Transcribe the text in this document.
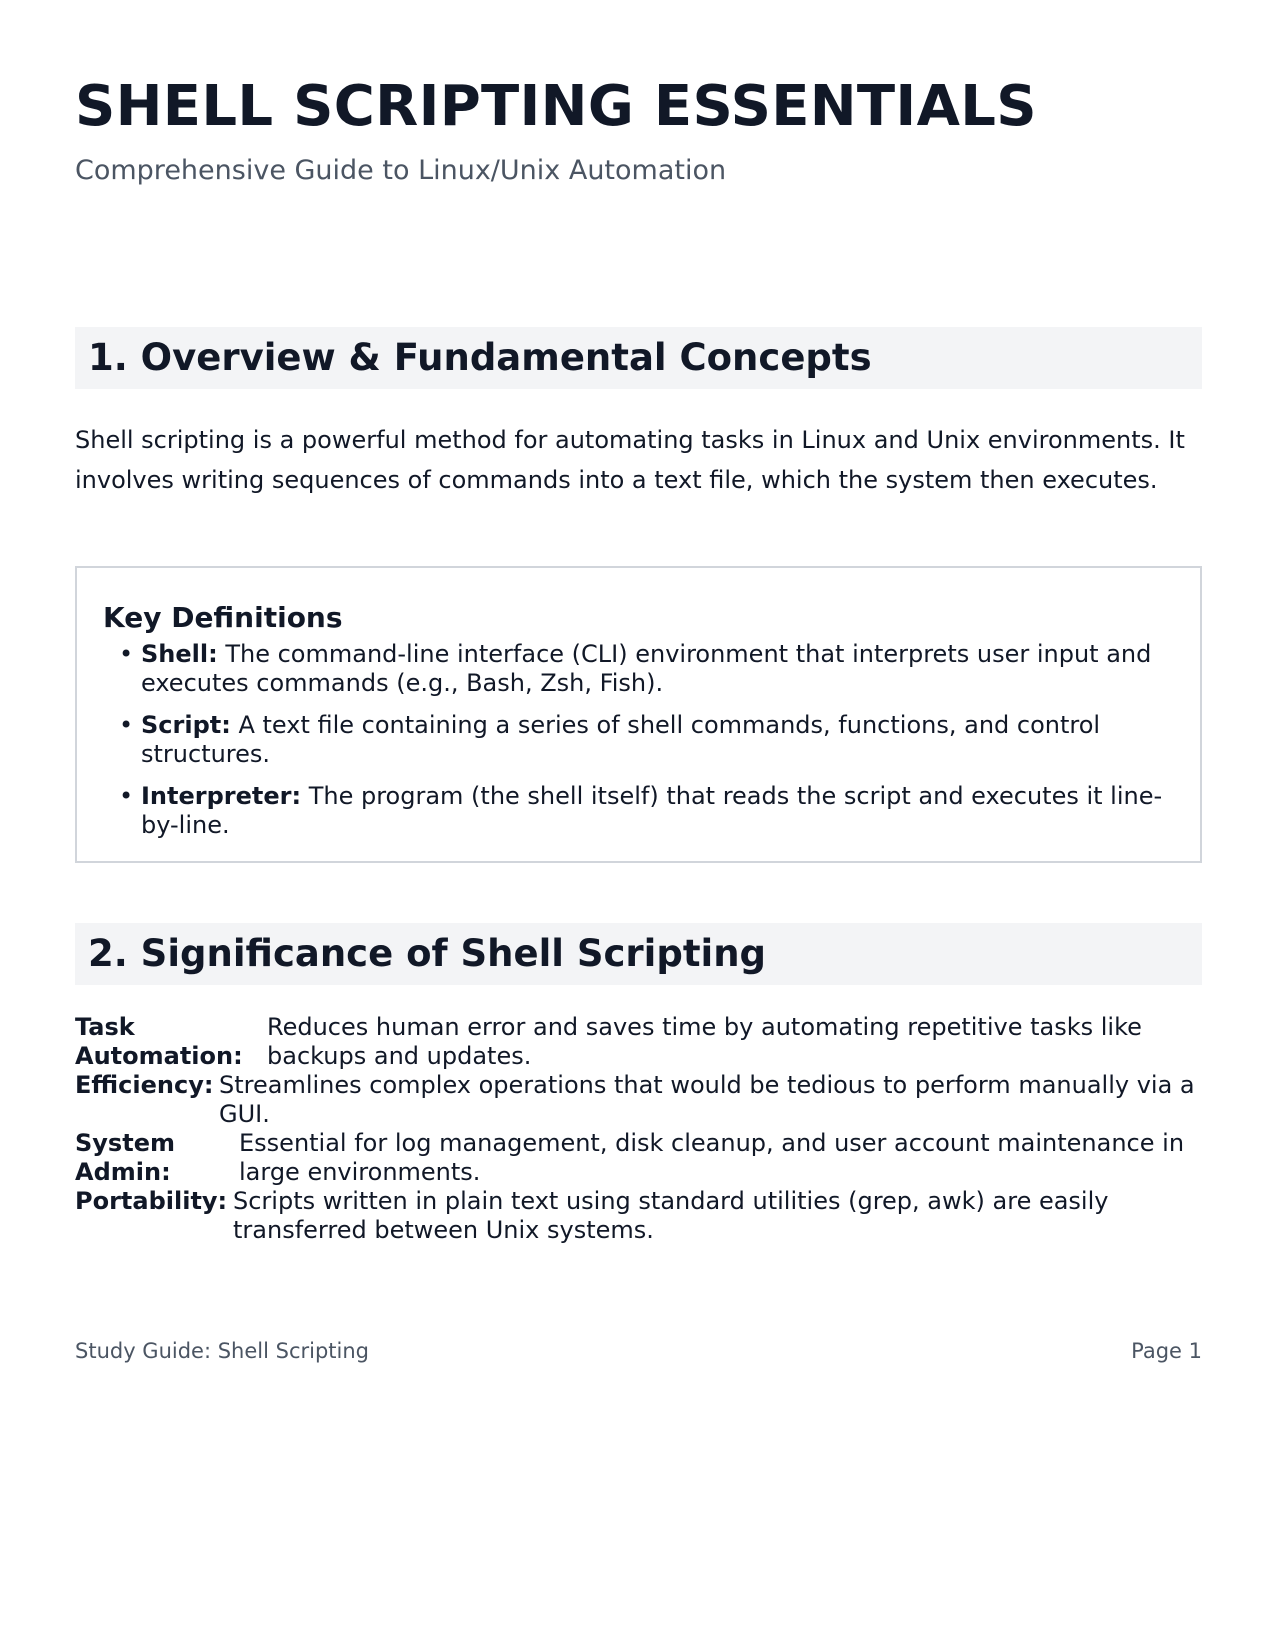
SHELL SCRIPTING ESSENTIALS

Comprehensive Guide to Linux/Unix Automation

1. Overview & Fundamental Concepts

Shell scripting is a powerful method for automating tasks in Linux and Unix environments. It involves writing sequences of commands into a text file, which the system then executes.

Key Definitions
• Shell: The command-line interface (CLI) environment that interprets user input and executes commands (e.g., Bash, Zsh, Fish).
• Script: A text file containing a series of shell commands, functions, and control structures.
• Interpreter: The program (the shell itself) that reads the script and executes it line-by-line.
2. Significance of Shell Scripting
Task
Automation:
Reduces human error and saves time by automating repetitive tasks like backups and updates.
Efficiency: Streamlines complex operations that would be tedious to perform manually via a GUI.
System
Admin:
Essential for log management, disk cleanup, and user account maintenance in large environments.
Portability: Scripts written in plain text using standard utilities (grep, awk) are easily transferred between Unix systems.
Study Guide: Shell Scripting	Page 1
